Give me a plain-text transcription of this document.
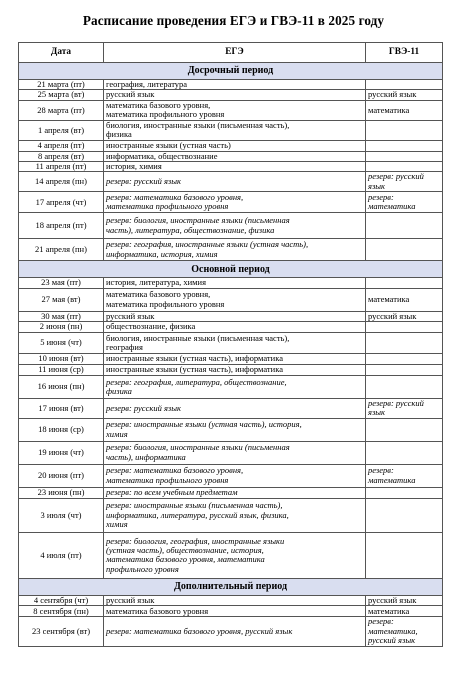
Расписание проведения ЕГЭ и ГВЭ-11 в 2025 году
Дата	ЕГЭ	ГВЭ-11
Досрочный период		
21 марта (пт)	география, литература	
25 марта (вт)	русский язык	русский язык
28 марта (пт)	математика базового уровня,
математика профильного уровня	математика
1 апреля (вт)	биология, иностранные языки (письменная часть),
физика	
4 апреля (пт)	иностранные языки (устная часть)	
8 апреля (вт)	информатика, обществознание	
11 апреля (пт)	история, химия	
14 апреля (пн)	резерв: русский язык	резерв: русский язык
17 апреля (чт)	резерв: математика базового уровня,
математика профильного уровня	резерв: математика
18 апреля (пт)	резерв: биология, иностранные языки (письменная
часть), литература, обществознание, физика	
21 апреля (пн)	резерв: география, иностранные языки (устная часть),
информатика, история, химия	
Основной период		
23 мая (пт)	история, литература, химия	
27 мая (вт)	математика базового уровня,
математика профильного уровня	математика
30 мая (пт)	русский язык	русский язык
2 июня (пн)	обществознание, физика	
5 июня (чт)	биология, иностранные языки (письменная часть),
география	
10 июня (вт)	иностранные языки (устная часть), информатика	
11 июня (ср)	иностранные языки (устная часть), информатика	
16 июня (пн)	резерв: география, литература, обществознание,
физика	
17 июня (вт)	резерв: русский язык	резерв: русский язык
18 июня (ср)	резерв: иностранные языки (устная часть), история,
химия	
19 июня (чт)	резерв: биология, иностранные языки (письменная
часть), информатика	
20 июня (пт)	резерв: математика базового уровня,
математика профильного уровня	резерв: математика
23 июня (пн)	резерв: по всем учебным предметам	
3 июля (чт)	резерв: иностранные языки (письменная часть),
информатика, литература, русский язык, физика,
химия	
4 июля (пт)	резерв: биология, география, иностранные языки
(устная часть), обществознание, история,
математика базового уровня, математика
профильного уровня	
Дополнительный период		
4 сентября (чт)	русский язык	русский язык
8 сентября (пн)	математика базового уровня	математика
23 сентября (вт)	резерв: математика базового уровня, русский язык	резерв: математика,
русский язык
